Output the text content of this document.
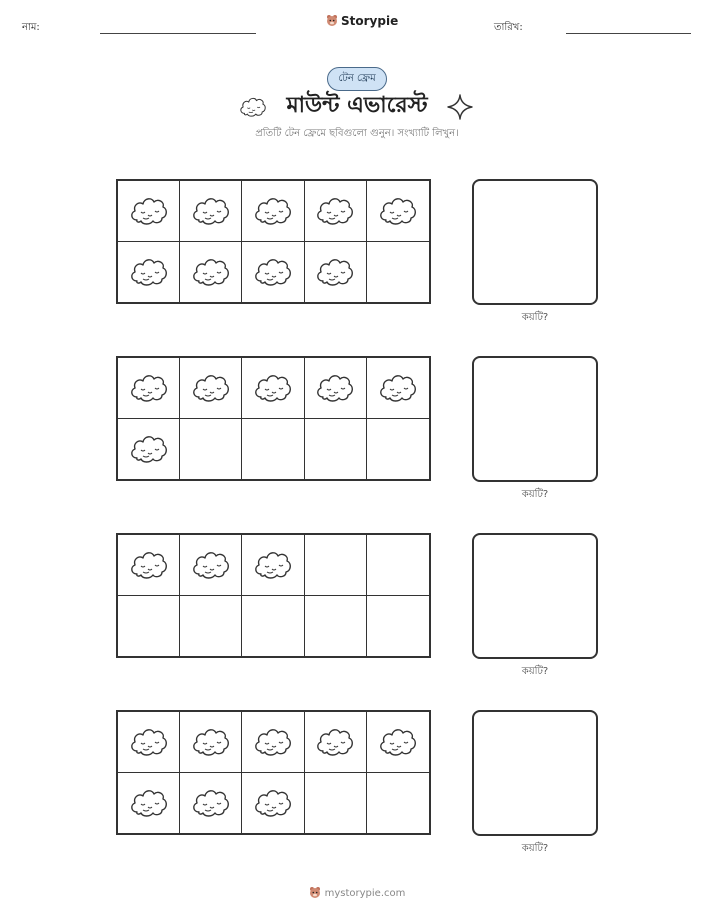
নাম:	Storypie	তারিখ:
টেন ফ্রেম
মাউন্ট এভারেস্ট
প্রতিটি টেন ফ্রেমে ছবিগুলো গুনুন। সংখ্যাটি লিখুন।
কয়টি?
কয়টি?
কয়টি?
কয়টি?
mystorypie.com
